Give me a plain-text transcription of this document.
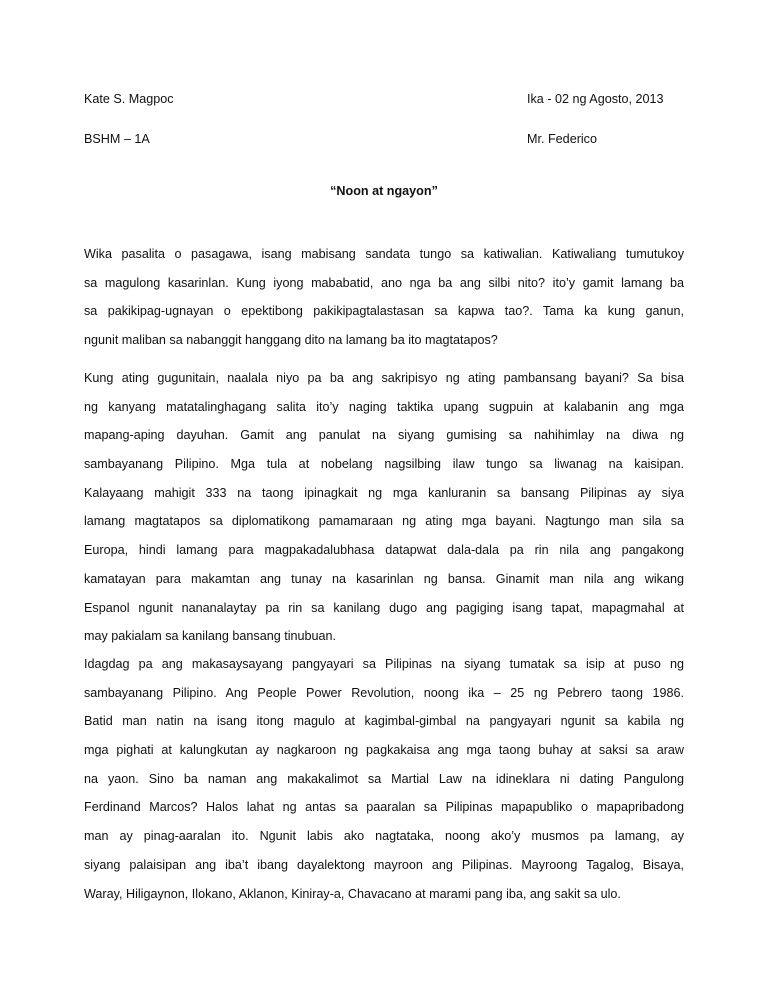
Kate S. Magpoc	Ika - 02 ng Agosto, 2013
BSHM – 1A	Mr. Federico
“Noon at ngayon”
Wika pasalita o pasagawa, isang mabisang sandata tungo sa katiwalian. Katiwaliang tumutukoy
sa magulong kasarinlan. Kung iyong mababatid, ano nga ba ang silbi nito? ito’y gamit lamang ba
sa pakikipag-ugnayan o epektibong pakikipagtalastasan sa kapwa tao?. Tama ka kung ganun,
ngunit maliban sa nabanggit hanggang dito na lamang ba ito magtatapos?
Kung ating gugunitain, naalala niyo pa ba ang sakripisyo ng ating pambansang bayani? Sa bisa
ng kanyang matatalinghagang salita ito’y naging taktika upang sugpuin at kalabanin ang mga
mapang-aping dayuhan. Gamit ang panulat na siyang gumising sa nahihimlay na diwa ng
sambayanang Pilipino. Mga tula at nobelang nagsilbing ilaw tungo sa liwanag na kaisipan.
Kalayaang mahigit 333 na taong ipinagkait ng mga kanluranin sa bansang Pilipinas ay siya
lamang magtatapos sa diplomatikong pamamaraan ng ating mga bayani. Nagtungo man sila sa
Europa, hindi lamang para magpakadalubhasa datapwat dala-dala pa rin nila ang pangakong
kamatayan para makamtan ang tunay na kasarinlan ng bansa. Ginamit man nila ang wikang
Espanol ngunit nananalaytay pa rin sa kanilang dugo ang pagiging isang tapat, mapagmahal at
may pakialam sa kanilang bansang tinubuan.
Idagdag pa ang makasaysayang pangyayari sa Pilipinas na siyang tumatak sa isip at puso ng
sambayanang Pilipino. Ang People Power Revolution, noong ika – 25 ng Pebrero taong 1986.
Batid man natin na isang itong magulo at kagimbal-gimbal na pangyayari ngunit sa kabila ng
mga pighati at kalungkutan ay nagkaroon ng pagkakaisa ang mga taong buhay at saksi sa araw
na yaon. Sino ba naman ang makakalimot sa Martial Law na idineklara ni dating Pangulong
Ferdinand Marcos? Halos lahat ng antas sa paaralan sa Pilipinas mapapubliko o mapapribadong
man ay pinag-aaralan ito. Ngunit labis ako nagtataka, noong ako’y musmos pa lamang, ay
siyang palaisipan ang iba’t ibang dayalektong mayroon ang Pilipinas. Mayroong Tagalog, Bisaya,
Waray, Hiligaynon, Ilokano, Aklanon, Kiniray-a, Chavacano at marami pang iba, ang sakit sa ulo.
